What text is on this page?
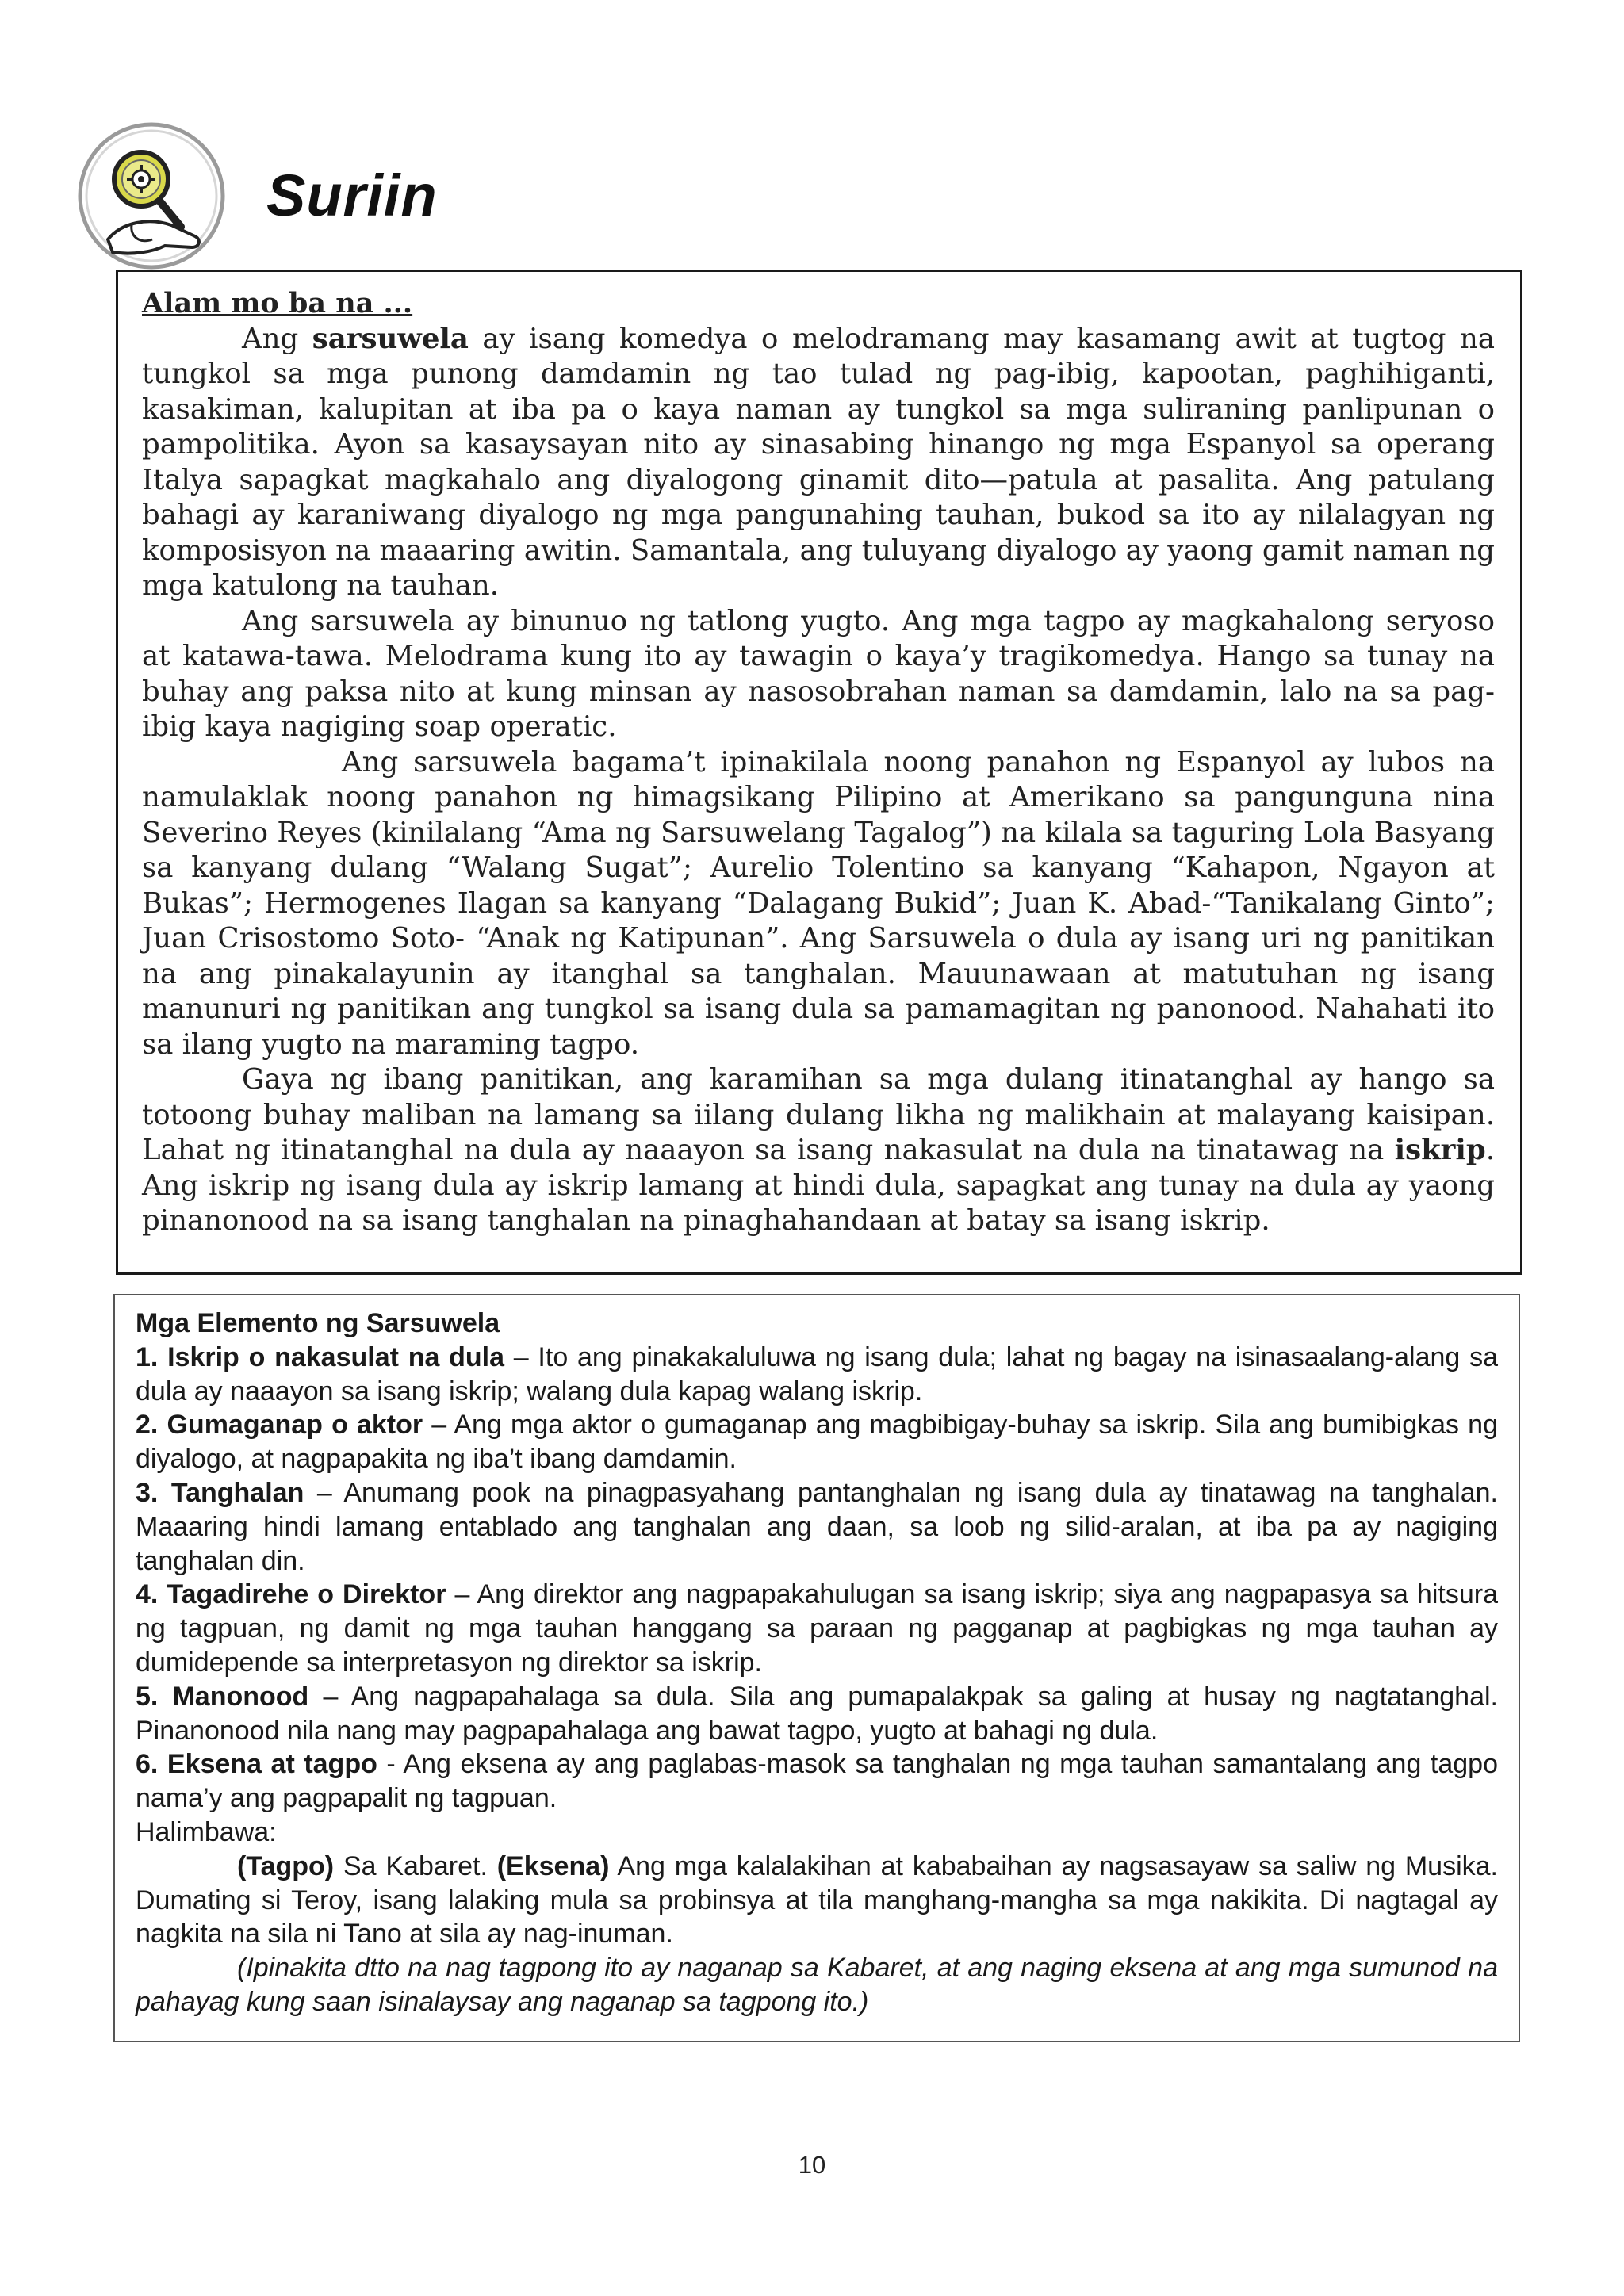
Suriin
Alam mo ba na ...

Ang sarsuwela ay isang komedya o melodramang may kasamang awit at tugtog na tungkol sa mga punong damdamin ng tao tulad ng pag-ibig, kapootan, paghihiganti, kasakiman, kalupitan at iba pa o kaya naman ay tungkol sa mga suliraning panlipunan o pampolitika. Ayon sa kasaysayan nito ay sinasabing hinango ng mga Espanyol sa operang Italya sapagkat magkahalo ang diyalogong ginamit dito—patula at pasalita. Ang patulang bahagi ay karaniwang diyalogo ng mga pangunahing tauhan, bukod sa ito ay nilalagyan ng komposisyon na maaaring awitin. Samantala, ang tuluyang diyalogo ay yaong gamit naman ng mga katulong na tauhan.

Ang sarsuwela ay binunuo ng tatlong yugto. Ang mga tagpo ay magkahalong seryoso at katawa-tawa. Melodrama kung ito ay tawagin o kaya’y tragikomedya. Hango sa tunay na buhay ang paksa nito at kung minsan ay nasosobrahan naman sa damdamin, lalo na sa pag-ibig kaya nagiging soap operatic.

Ang sarsuwela bagama’t ipinakilala noong panahon ng Espanyol ay lubos na namulaklak noong panahon ng himagsikang Pilipino at Amerikano sa pangunguna nina Severino Reyes (kinilalang “Ama ng Sarsuwelang Tagalog”) na kilala sa taguring Lola Basyang sa kanyang dulang “Walang Sugat”; Aurelio Tolentino sa kanyang “Kahapon, Ngayon at Bukas”; Hermogenes Ilagan sa kanyang “Dalagang Bukid”; Juan K. Abad-“Tanikalang Ginto”; Juan Crisostomo Soto- “Anak ng Katipunan”. Ang Sarsuwela o dula ay isang uri ng panitikan na ang pinakalayunin ay itanghal sa tanghalan. Mauunawaan at matutuhan ng isang manunuri ng panitikan ang tungkol sa isang dula sa pamamagitan ng panonood. Nahahati ito sa ilang yugto na maraming tagpo.

Gaya ng ibang panitikan, ang karamihan sa mga dulang itinatanghal ay hango sa totoong buhay maliban na lamang sa iilang dulang likha ng malikhain at malayang kaisipan. Lahat ng itinatanghal na dula ay naaayon sa isang nakasulat na dula na tinatawag na iskrip. Ang iskrip ng isang dula ay iskrip lamang at hindi dula, sapagkat ang tunay na dula ay yaong pinanonood na sa isang tanghalan na pinaghahandaan at batay sa isang iskrip.

Mga Elemento ng Sarsuwela

1. Iskrip o nakasulat na dula – Ito ang pinakakaluluwa ng isang dula; lahat ng bagay na isinasaalang-alang sa dula ay naaayon sa isang iskrip; walang dula kapag walang iskrip.

2. Gumaganap o aktor – Ang mga aktor o gumaganap ang magbibigay-buhay sa iskrip. Sila ang bumibigkas ng diyalogo, at nagpapakita ng iba’t ibang damdamin.

3. Tanghalan – Anumang pook na pinagpasyahang pantanghalan ng isang dula ay tinatawag na tanghalan. Maaaring hindi lamang entablado ang tanghalan ang daan, sa loob ng silid-aralan, at iba pa ay nagiging tanghalan din.

4. Tagadirehe o Direktor – Ang direktor ang nagpapakahulugan sa isang iskrip; siya ang nagpapasya sa hitsura ng tagpuan, ng damit ng mga tauhan hanggang sa paraan ng pagganap at pagbigkas ng mga tauhan ay dumidepende sa interpretasyon ng direktor sa iskrip.

5. Manonood – Ang nagpapahalaga sa dula. Sila ang pumapalakpak sa galing at husay ng nagtatanghal. Pinanonood nila nang may pagpapahalaga ang bawat tagpo, yugto at bahagi ng dula.

6. Eksena at tagpo - Ang eksena ay ang paglabas-masok sa tanghalan ng mga tauhan samantalang ang tagpo nama’y ang pagpapalit ng tagpuan.

Halimbawa:

(Tagpo) Sa Kabaret. (Eksena) Ang mga kalalakihan at kababaihan ay nagsasayaw sa saliw ng Musika. Dumating si Teroy, isang lalaking mula sa probinsya at tila manghang-mangha sa mga nakikita. Di nagtagal ay nagkita na sila ni Tano at sila ay nag-inuman.

(Ipinakita dtto na nag tagpong ito ay naganap sa Kabaret, at ang naging eksena at ang mga sumunod na pahayag kung saan isinalaysay ang naganap sa tagpong ito.)

10
